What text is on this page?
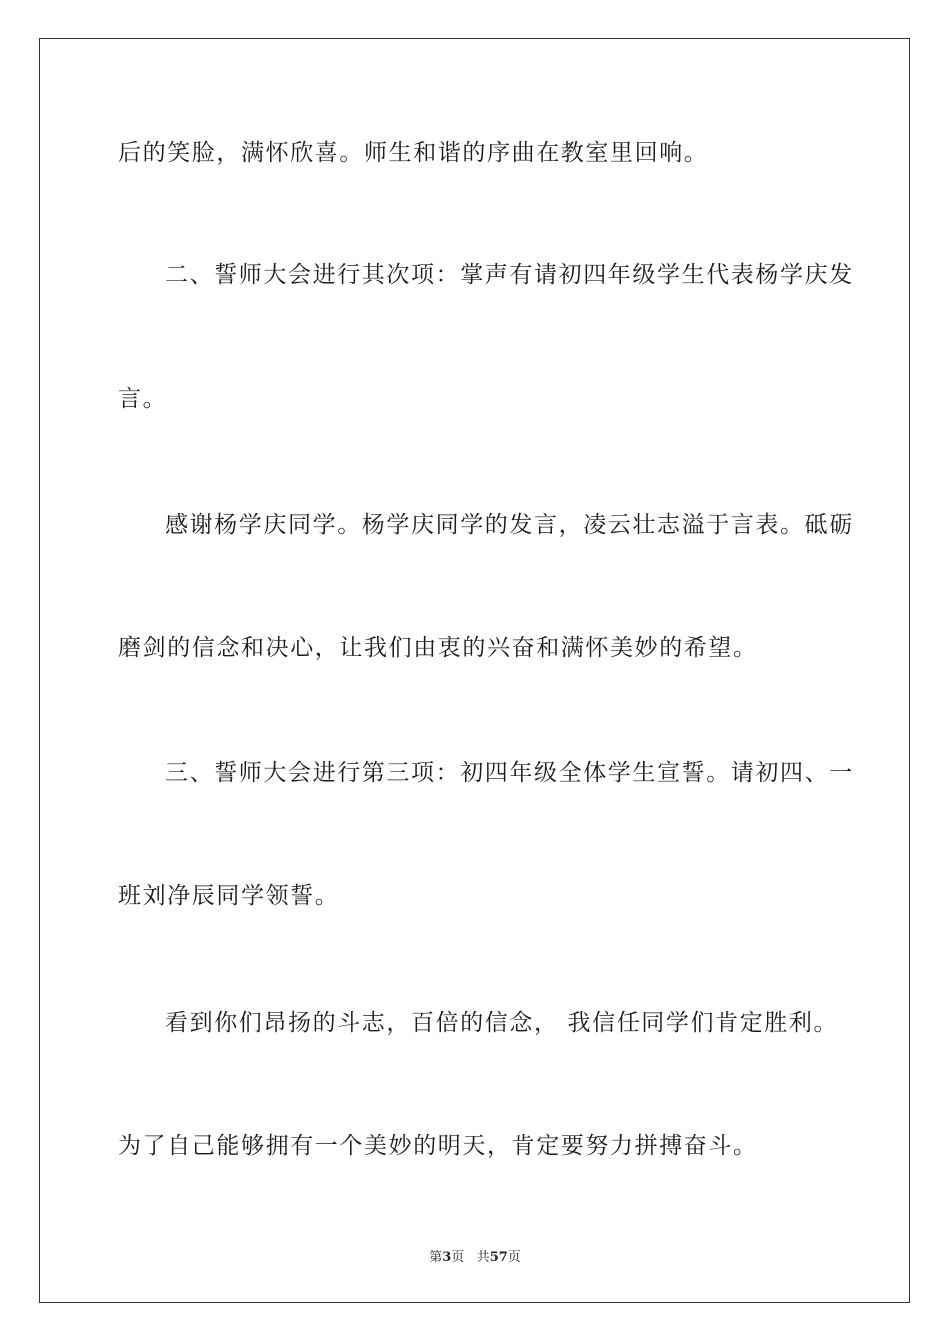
后的笑脸，满怀欣喜。师生和谐的序曲在教室里回响。
二、誓师大会进行其次项：掌声有请初四年级学生代表杨学庆发
言。
感谢杨学庆同学。杨学庆同学的发言，凌云壮志溢于言表。砥砺
磨剑的信念和决心，让我们由衷的兴奋和满怀美妙的希望。
三、誓师大会进行第三项：初四年级全体学生宣誓。请初四、一
班刘净辰同学领誓。
看到你们昂扬的斗志，百倍的信念， 我信任同学们肯定胜利。
为了自己能够拥有一个美妙的明天，肯定要努力拼搏奋斗。
第3页 共57页
